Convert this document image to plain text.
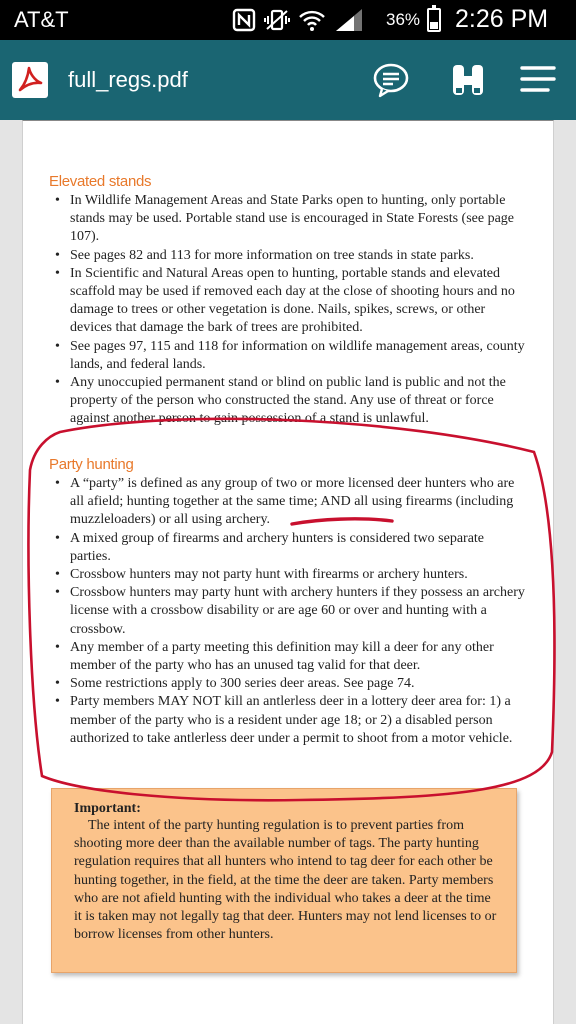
AT&T	36% 2:26 PM
full_regs.pdf
Elevated stands
• In Wildlife Management Areas and State Parks open to hunting, only portable stands may be used. Portable stand use is encouraged in State Forests (see page 107).
• See pages 82 and 113 for more information on tree stands in state parks.
• In Scientific and Natural Areas open to hunting, portable stands and elevated scaffold may be used if removed each day at the close of shooting hours and no damage to trees or other vegetation is done. Nails, spikes, screws, or other devices that damage the bark of trees are prohibited.
• See pages 97, 115 and 118 for information on wildlife management areas, county lands, and federal lands.
• Any unoccupied permanent stand or blind on public land is public and not the property of the person who constructed the stand. Any use of threat or force against another person to gain possession of a stand is unlawful.
Party hunting
• A “party” is defined as any group of two or more licensed deer hunters who are all afield; hunting together at the same time; AND all using firearms (including muzzleloaders) or all using archery.
• A mixed group of firearms and archery hunters is considered two separate parties.
• Crossbow hunters may not party hunt with firearms or archery hunters.
• Crossbow hunters may party hunt with archery hunters if they possess an archery license with a crossbow disability or are age 60 or over and hunting with a crossbow.
• Any member of a party meeting this definition may kill a deer for any other member of the party who has an unused tag valid for that deer.
• Some restrictions apply to 300 series deer areas. See page 74.
• Party members MAY NOT kill an antlerless deer in a lottery deer area for: 1) a member of the party who is a resident under age 18; or 2) a disabled person authorized to take antlerless deer under a permit to shoot from a motor vehicle.
Important:
The intent of the party hunting regulation is to prevent parties from shooting more deer than the available number of tags. The party hunting regulation requires that all hunters who intend to tag deer for each other be hunting together, in the field, at the time the deer are taken. Party members who are not afield hunting with the individual who takes a deer at the time it is taken may not legally tag that deer. Hunters may not lend licenses to or borrow licenses from other hunters.
